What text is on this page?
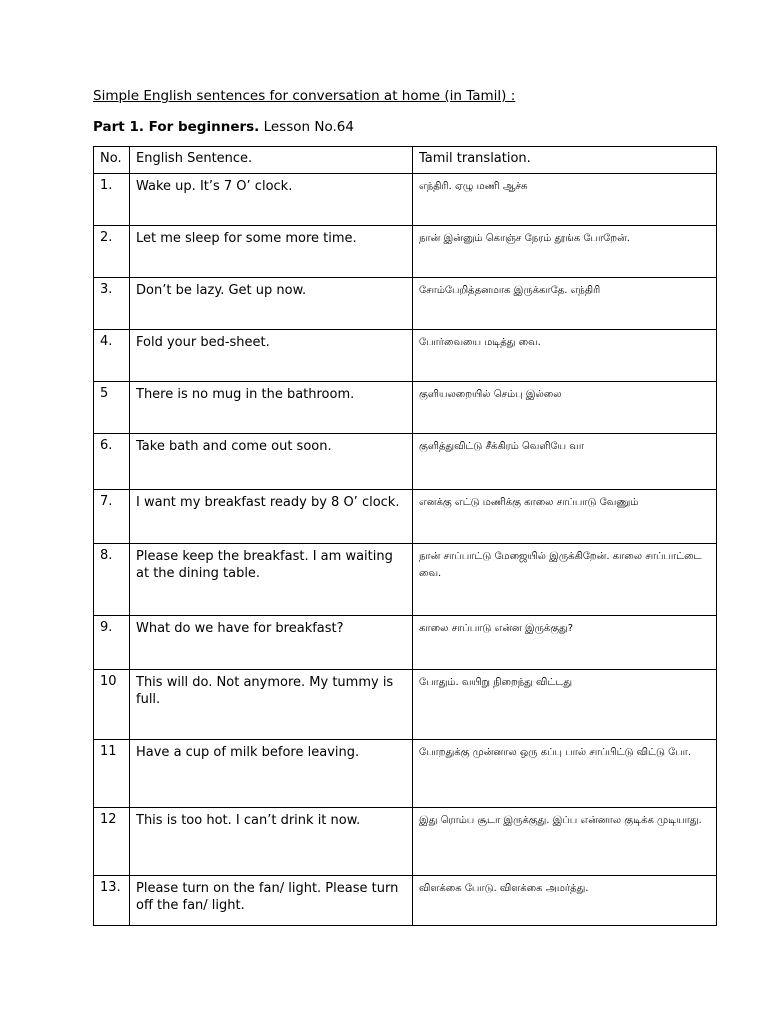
Simple English sentences for conversation at home (in Tamil) :
Part 1. For beginners. Lesson No.64
No.	English Sentence.	Tamil translation.
1.	Wake up. It’s 7 O’ clock.	எந்திரி. ஏழு மணி ஆச்சு
2.	Let me sleep for some more time.	நான் இன்னும் கொஞ்ச நேரம் தூங்க போறேன்.
3.	Don’t be lazy. Get up now.	சோம்பேறித்தனமாக இருக்காதே. எந்திரி
4.	Fold your bed-sheet.	போர்வையை மடித்து வை.
5	There is no mug in the bathroom.	குளியலறையில் செம்பு இல்லை
6.	Take bath and come out soon.	குளித்துவிட்டு சீக்கிரம் வெளியே வா
7.	I want my breakfast ready by 8 O’ clock.	எனக்கு எட்டு மணிக்கு காலை சாப்பாடு வேணும்
8.	Please keep the breakfast. I am waiting at the dining table.	நான் சாப்பாட்டு மேஜையில் இருக்கிறேன். காலை சாப்பாட்டை வை.
9.	What do we have for breakfast?	காலை சாப்பாடு என்ன இருக்குது?
10	This will do. Not anymore. My tummy is full.	போதும். வயிறு நிறைந்து விட்டது
11	Have a cup of milk before leaving.	போறதுக்கு முன்னால ஒரு கப்பு பால் சாப்பிட்டு விட்டு போ.
12	This is too hot. I can’t drink it now.	இது ரொம்ப சூடா இருக்குது. இப்ப என்னால குடிக்க முடியாது.
13.	Please turn on the fan/ light. Please turn off the fan/ light.	விளக்கை போடு. விளக்கை அமர்த்து.
